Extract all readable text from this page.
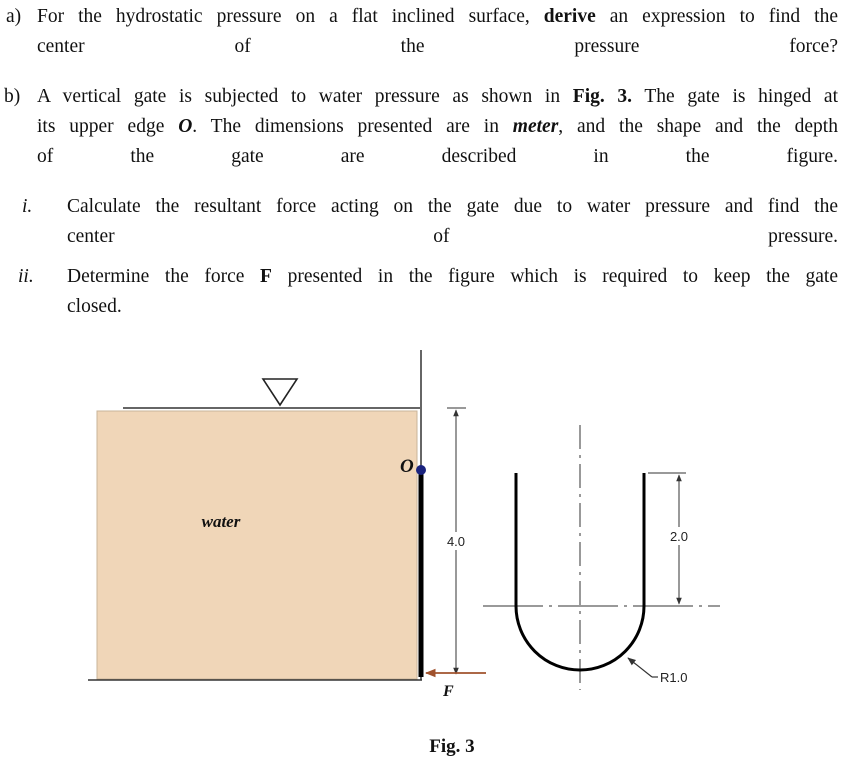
a) For the hydrostatic pressure on a flat inclined surface, derive an expression to find the
center of the pressure force?
b) A vertical gate is subjected to water pressure as shown in Fig. 3. The gate is hinged at
its upper edge O. The dimensions presented are in meter, and the shape and the depth
of the gate are described in the figure.
i. Calculate the resultant force acting on the gate due to water pressure and find the
center of pressure.
ii. Determine the force F presented in the figure which is required to keep the gate
closed.
O
4.0
F
2.0
R1.0
water
Fig. 3
